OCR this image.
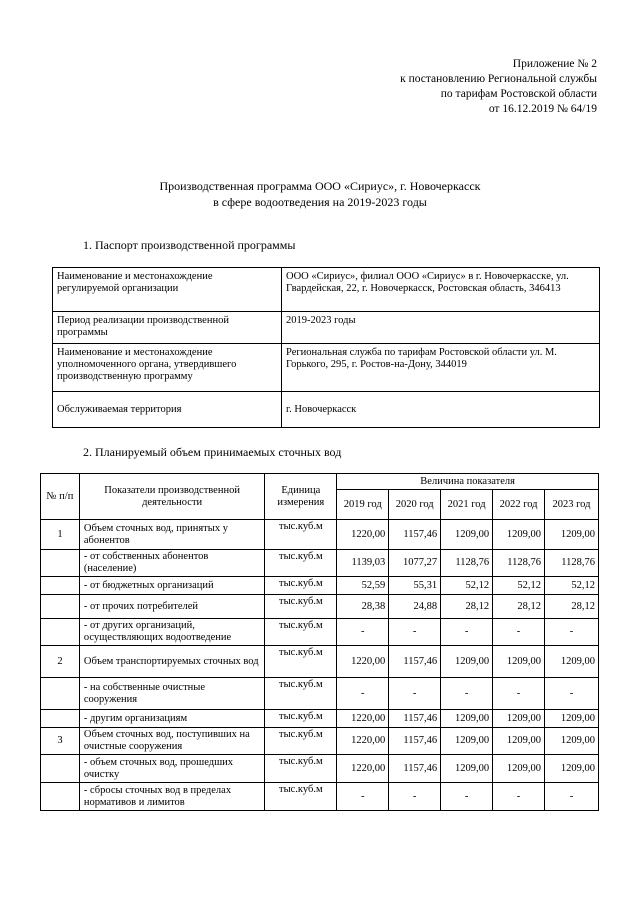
Приложение № 2
к постановлению Региональной службы
по тарифам Ростовской области
от 16.12.2019 № 64/19
Производственная программа ООО «Сириус», г. Новочеркасск
в сфере водоотведения на 2019-2023 годы
1. Паспорт производственной программы
Наименование и местонахождение регулируемой организации	ООО «Сириус», филиал ООО «Сириус» в г. Новочеркасскe, ул. Гвардейская, 22, г. Новочеркасск, Ростовская область, 346413
Период реализации производственной программы	2019-2023 годы
Наименование и местонахождение уполномоченного органа, утвердившего производственную программу	Региональная служба по тарифам Ростовской области ул. М. Горького, 295, г. Ростов-на-Дону, 344019
Обслуживаемая территория	г. Новочеркасск
2. Планируемый объем принимаемых сточных вод
№ п/п	Показатели производственной деятельности	Единица измерения	Величина показателя				
			2019 год	2020 год	2021 год	2022 год	2023 год
1	Объем сточных вод, принятых у абонентов	тыс.куб.м	1220,00	1157,46	1209,00	1209,00	1209,00
	- от собственных абонентов (население)	тыс.куб.м	1139,03	1077,27	1128,76	1128,76	1128,76
	- от бюджетных организаций	тыс.куб.м	52,59	55,31	52,12	52,12	52,12
	- от прочих потребителей	тыс.куб.м	28,38	24,88	28,12	28,12	28,12
	- от других организаций, осуществляющих водоотведение	тыс.куб.м	-	-	-	-	-
2	Объем транспортируемых сточных вод	тыс.куб.м	1220,00	1157,46	1209,00	1209,00	1209,00
	- на собственные очистные сооружения	тыс.куб.м	-	-	-	-	-
	- другим организациям	тыс.куб.м	1220,00	1157,46	1209,00	1209,00	1209,00
3	Объем сточных вод, поступивших на очистные сооружения	тыс.куб.м	1220,00	1157,46	1209,00	1209,00	1209,00
	- объем сточных вод, прошедших очистку	тыс.куб.м	1220,00	1157,46	1209,00	1209,00	1209,00
	- сбросы сточных вод в пределах нормативов и лимитов	тыс.куб.м	-	-	-	-	-
